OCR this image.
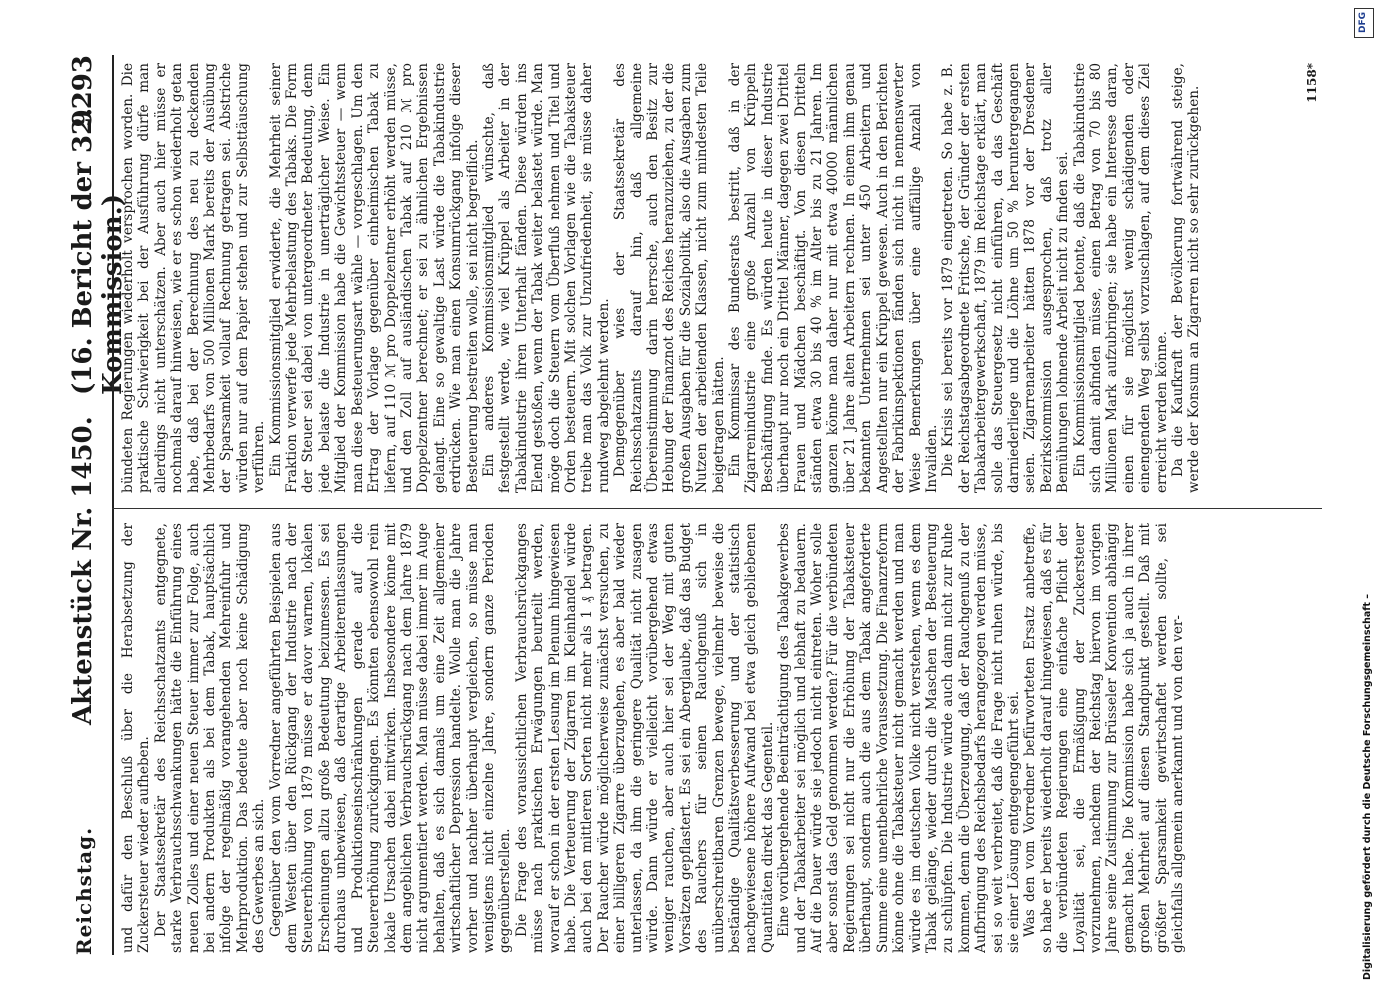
Reichstag.
Aktenstück Nr. 1450.
(16. Bericht der 32. Kommission.)
9293

und dafür den Beschluß über die Herabsetzung der Zuckersteuer wieder aufheben. Der Staatssekretär des Reichsschatzamts entgegnete, starke Verbrauchsschwankungen hätte die Einführung eines neuen Zolles und einer neuen Steuer immer zur Folge, auch bei andern Produkten als bei dem Tabak, hauptsächlich infolge der regelmäßig vorangehenden Mehreinfuhr und Mehrproduktion. Das bedeute aber noch keine Schädigung des Gewerbes an sich. Gegenüber den vom Vorredner angeführten Beispielen aus dem Westen über den Rückgang der Industrie nach der Steuererhöhung von 1879 müsse er davor warnen, lokalen Erscheinungen allzu große Bedeutung beizumessen. Es sei durchaus unbewiesen, daß derartige Arbeiterentlassungen und Produktionseinschränkungen gerade auf die Steuererhöhung zurückgingen. Es könnten ebensowohl rein lokale Ursachen dabei mitwirken. Insbesondere könne mit dem angeblichen Verbrauchsrückgang nach dem Jahre 1879 nicht argumentiert werden. Man müsse dabei immer im Auge behalten, daß es sich damals um eine Zeit allgemeiner wirtschaftlicher Depression handelte. Wolle man die Jahre vorher und nachher überhaupt vergleichen, so müsse man wenigstens nicht einzelne Jahre, sondern ganze Perioden gegenüberstellen. Die Frage des voraussichtlichen Verbrauchsrückganges müsse nach praktischen Erwägungen beurteilt werden, worauf er schon in der ersten Lesung im Plenum hingewiesen habe. Die Verteuerung der Zigarren im Kleinhandel würde auch bei den mittleren Sorten nicht mehr als 1 ₰ betragen. Der Raucher würde möglicherweise zunächst versuchen, zu einer billigeren Zigarre überzugehen, es aber bald wieder unterlassen, da ihm die geringere Qualität nicht zusagen würde. Dann würde er vielleicht vorübergehend etwas weniger rauchen, aber auch hier sei der Weg mit guten Vorsätzen gepflastert. Es sei ein Aberglaube, daß das Budget des Rauchers für seinen Rauchgenuß sich in unüberschreitbaren Grenzen bewege, vielmehr beweise die beständige Qualitätsverbesserung und der statistisch nachgewiesene höhere Aufwand bei etwa gleich gebliebenen Quantitäten direkt das Gegenteil. Eine vorübergehende Beeinträchtigung des Tabakgewerbes und der Tabakarbeiter sei möglich und lebhaft zu bedauern. Auf die Dauer würde sie jedoch nicht eintreten. Woher solle aber sonst das Geld genommen werden? Für die verbündeten Regierungen sei nicht nur die Erhöhung der Tabaksteuer überhaupt, sondern auch die aus dem Tabak angeforderte Summe eine unentbehrliche Voraussetzung. Die Finanzreform könne ohne die Tabaksteuer nicht gemacht werden und man würde es im deutschen Volke nicht verstehen, wenn es dem Tabak gelänge, wieder durch die Maschen der Besteuerung zu schlüpfen. Die Industrie würde auch dann nicht zur Ruhe kommen, denn die Überzeugung, daß der Rauchgenuß zu der Aufbringung des Reichsbedarfs herangezogen werden müsse, sei so weit verbreitet, daß die Frage nicht ruhen würde, bis sie einer Lösung entgegengeführt sei. Was den vom Vorredner befürworteten Ersatz anbetreffe, so habe er bereits wiederholt darauf hingewiesen, daß es für die verbündeten Regierungen eine einfache Pflicht der Loyalität sei, die Ermäßigung der Zuckersteuer vorzunehmen, nachdem der Reichstag hiervon im vorigen Jahre seine Zustimmung zur Brüsseler Konvention abhängig gemacht habe. Die Kommission habe sich ja auch in ihrer großen Mehrheit auf diesen Standpunkt gestellt. Daß mit größter Sparsamkeit gewirtschaftet werden sollte, sei gleichfalls allgemein anerkannt und von den ver-

bündeten Regierungen wiederholt versprochen worden. Die praktische Schwierigkeit bei der Ausführung dürfe man allerdings nicht unterschätzen. Aber auch hier müsse er nochmals darauf hinweisen, wie er es schon wiederholt getan habe, daß bei der Berechnung des neu zu deckenden Mehrbedarfs von 500 Millionen Mark bereits der Ausübung der Sparsamkeit vollauf Rechnung getragen sei. Abstriche würden nur auf dem Papier stehen und zur Selbsttäuschung verführen. Ein Kommissionsmitglied erwiderte, die Mehrheit seiner Fraktion verwerfe jede Mehrbelastung des Tabaks. Die Form der Steuer sei dabei von untergeordneter Bedeutung, denn jede belaste die Industrie in unerträglicher Weise. Ein Mitglied der Kommission habe die Gewichtssteuer — wenn man diese Besteuerungsart wähle — vorgeschlagen. Um den Ertrag der Vorlage gegenüber einheimischen Tabak zu liefern, auf 110 ℳ pro Doppelzentner erhöht werden müsse, und den Zoll auf ausländischen Tabak auf 210 ℳ pro Doppelzentner berechnet; er sei zu ähnlichen Ergebnissen gelangt. Eine so gewaltige Last würde die Tabakindustrie erdrücken. Wie man einen Konsumrückgang infolge dieser Besteuerung bestreiten wolle, sei nicht begreiflich. Ein anderes Kommissionsmitglied wünschte, daß festgestellt werde, wie viel Krüppel als Arbeiter in der Tabakindustrie ihren Unterhalt fänden. Diese würden ins Elend gestoßen, wenn der Tabak weiter belastet würde. Man möge doch die Steuern vom Überfluß nehmen und Titel und Orden besteuern. Mit solchen Vorlagen wie die Tabaksteuer treibe man das Volk zur Unzufriedenheit, sie müsse daher rundweg abgelehnt werden. Demgegenüber wies der Staatssekretär des Reichsschatzamts darauf hin, daß allgemeine Übereinstimmung darin herrsche, auch den Besitz zur Hebung der Finanznot des Reiches heranzuziehen, zu der die großen Ausgaben für die Sozialpolitik, also die Ausgaben zum Nutzen der arbeitenden Klassen, nicht zum mindesten Teile beigetragen hätten. Ein Kommissar des Bundesrats bestritt, daß in der Zigarrenindustrie eine große Anzahl von Krüppeln Beschäftigung finde. Es würden heute in dieser Industrie überhaupt nur noch ein Drittel Männer, dagegen zwei Drittel Frauen und Mädchen beschäftigt. Von diesen Dritteln ständen etwa 30 bis 40 % im Alter bis zu 21 Jahren. Im ganzen könne man daher nur mit etwa 40000 männlichen über 21 Jahre alten Arbeitern rechnen. In einem ihm genau bekannten Unternehmen sei unter 450 Arbeitern und Angestellten nur ein Krüppel gewesen. Auch in den Berichten der Fabrikinspektionen fänden sich nicht in nennenswerter Weise Bemerkungen über eine auffällige Anzahl von Invaliden. Die Krisis sei bereits vor 1879 eingetreten. So habe z. B. der Reichstagsabgeordnete Fritsche, der Gründer der ersten Tabakarbeitergewerkschaft, 1879 im Reichstage erklärt, man solle das Steuergesetz nicht einführen, da das Geschäft darniederliege und die Löhne um 50 % heruntergegangen seien. Zigarrenarbeiter hätten 1878 vor der Dresdener Bezirkskommission ausgesprochen, daß trotz aller Bemühungen lohnende Arbeit nicht zu finden sei. Ein Kommissionsmitglied betonte, daß die Tabakindustrie sich damit abfinden müsse, einen Betrag von 70 bis 80 Millionen Mark aufzubringen; sie habe ein Interesse daran, einen für sie möglichst wenig schädigenden oder einengenden Weg selbst vorzuschlagen, auf dem dieses Ziel erreicht werden könne. Da die Kaufkraft der Bevölkerung fortwährend steige, werde der Konsum an Zigarren nicht so sehr zurückgehen.

1158*
Digitalisierung gefördert durch die Deutsche Forschungsgemeinschaft –
DFG
